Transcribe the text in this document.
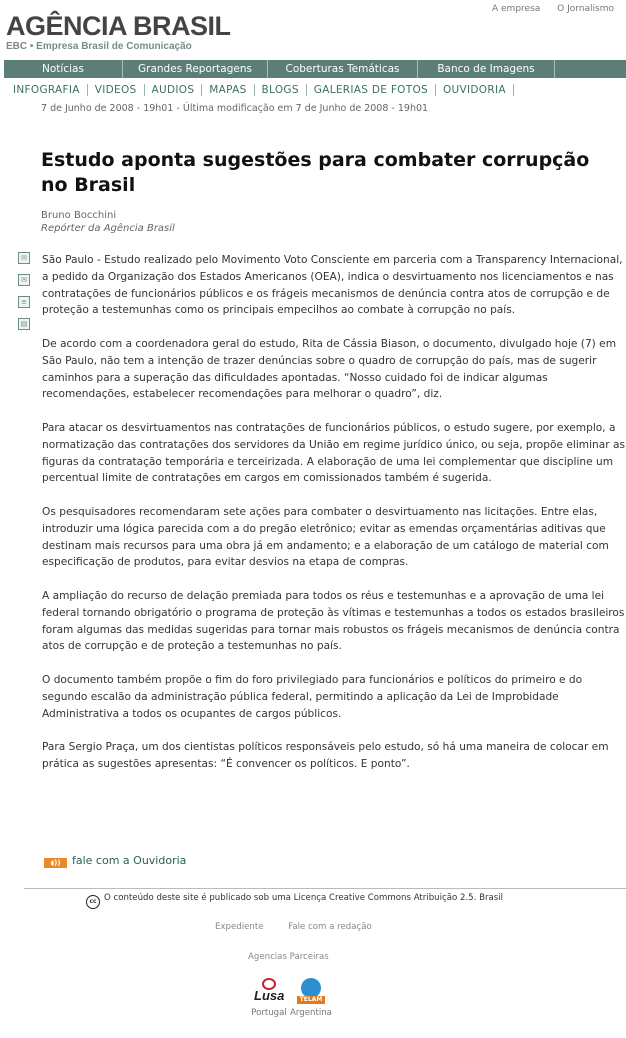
A empresa O Jornalismo
AGÊNCIA BRASIL
EBC • Empresa Brasil de Comunicação
Notícias	Grandes Reportagens	Coberturas Temáticas	Banco de Imagens
INFOGRAFIA VIDEOS AUDIOS MAPAS BLOGS GALERIAS DE FOTOS OUVIDORIA
7 de Junho de 2008 - 19h01 - Última modificação em 7 de Junho de 2008 - 19h01
Estudo aponta sugestões para combater corrupção no Brasil
Bruno Bocchini
Repórter da Agência Brasil
✉
✉
≡
▤

São Paulo - Estudo realizado pelo Movimento Voto Consciente em parceria com a Transparency Internacional, a pedido da Organização dos Estados Americanos (OEA), indica o desvirtuamento nos licenciamentos e nas contratações de funcionários públicos e os frágeis mecanismos de denúncia contra atos de corrupção e de proteção a testemunhas como os principais empecilhos ao combate à corrupção no país.

De acordo com a coordenadora geral do estudo, Rita de Cássia Biason, o documento, divulgado hoje (7) em São Paulo, não tem a intenção de trazer denúncias sobre o quadro de corrupção do país, mas de sugerir caminhos para a superação das dificuldades apontadas. “Nosso cuidado foi de indicar algumas recomendações, estabelecer recomendações para melhorar o quadro”, diz.

Para atacar os desvirtuamentos nas contratações de funcionários públicos, o estudo sugere, por exemplo, a normatização das contratações dos servidores da União em regime jurídico único, ou seja, propõe eliminar as figuras da contratação temporária e terceirizada. A elaboração de uma lei complementar que discipline um percentual limite de contratações em cargos em comissionados também é sugerida.

Os pesquisadores recomendaram sete ações para combater o desvirtuamento nas licitações. Entre elas, introduzir uma lógica parecida com a do pregão eletrônico; evitar as emendas orçamentárias aditivas que destinam mais recursos para uma obra já em andamento; e a elaboração de um catálogo de material com especificação de produtos, para evitar desvios na etapa de compras.

A ampliação do recurso de delação premiada para todos os réus e testemunhas e a aprovação de uma lei federal tornando obrigatório o programa de proteção às vítimas e testemunhas a todos os estados brasileiros foram algumas das medidas sugeridas para tornar mais robustos os frágeis mecanismos de denúncia contra atos de corrupção e de proteção a testemunhas no país.

O documento também propõe o fim do foro privilegiado para funcionários e políticos do primeiro e do segundo escalão da administração pública federal, permitindo a aplicação da Lei de Improbidade Administrativa a todos os ocupantes de cargos públicos.

Para Sergio Praça, um dos cientistas políticos responsáveis pelo estudo, só há uma maneira de colocar em prática as sugestões apresentas: “É convencer os políticos. E ponto”.

◖)) fale com a Ouvidoria
cc O conteúdo deste site é publicado sob uma Licença Creative Commons Atribuição 2.5. Brasil
Expediente	Fale com a redação
Agencias Parceiras
Lusa
Portugal
TELAM
Argentina
